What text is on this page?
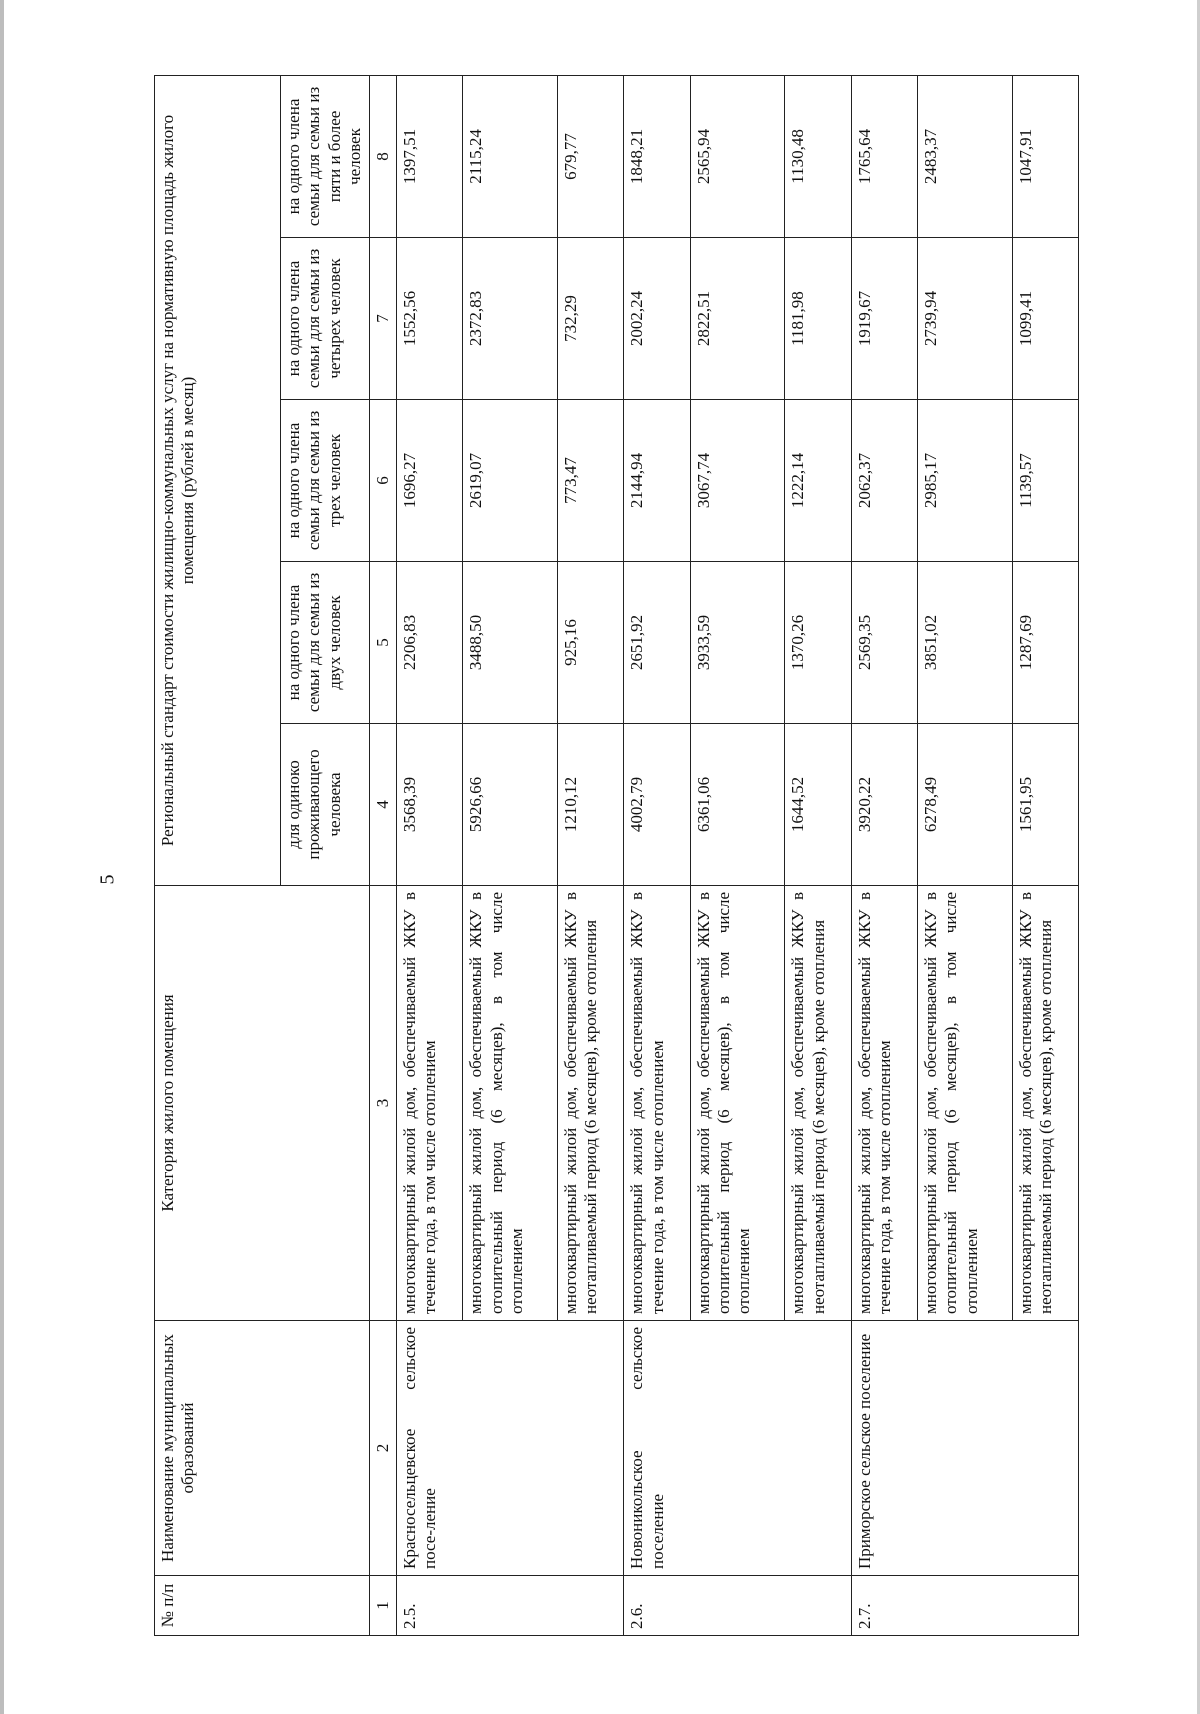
5
№ п/п	Наименование муниципальных образований	Категория жилого помещения	Региональный стандарт стоимости жилищно-коммунальных услуг на нормативную площадь жилого помещения (рублей в месяц)				
			для одиноко проживающего человека	на одного члена семьи для семьи из двух человек	на одного члена семьи для семьи из трех человек	на одного члена семьи для семьи из четырех человек	на одного члена семьи для семьи из пяти и более человек
1	2	3	4	5	6	7	8
2.5.	Красносельцевское сельское посе-ление	многоквартирный жилой дом, обеспечиваемый ЖКУ в течение года, в том числе отоплением	3568,39	2206,83	1696,27	1552,56	1397,51
		многоквартирный жилой дом, обеспечиваемый ЖКУ в отопительный период (6 месяцев), в том числе отоплением	5926,66	3488,50	2619,07	2372,83	2115,24
		многоквартирный жилой дом, обеспечиваемый ЖКУ в неотапливаемый период (6 месяцев), кроме отопления	1210,12	925,16	773,47	732,29	679,77
2.6.	Новоникольское сельское поселение	многоквартирный жилой дом, обеспечиваемый ЖКУ в течение года, в том числе отоплением	4002,79	2651,92	2144,94	2002,24	1848,21
		многоквартирный жилой дом, обеспечиваемый ЖКУ в отопительный период (6 месяцев), в том числе отоплением	6361,06	3933,59	3067,74	2822,51	2565,94
		многоквартирный жилой дом, обеспечиваемый ЖКУ в неотапливаемый период (6 месяцев), кроме отопления	1644,52	1370,26	1222,14	1181,98	1130,48
2.7.	Приморское сельское поселение	многоквартирный жилой дом, обеспечиваемый ЖКУ в течение года, в том числе отоплением	3920,22	2569,35	2062,37	1919,67	1765,64
		многоквартирный жилой дом, обеспечиваемый ЖКУ в отопительный период (6 месяцев), в том числе отоплением	6278,49	3851,02	2985,17	2739,94	2483,37
		многоквартирный жилой дом, обеспечиваемый ЖКУ в неотапливаемый период (6 месяцев), кроме отопления	1561,95	1287,69	1139,57	1099,41	1047,91
